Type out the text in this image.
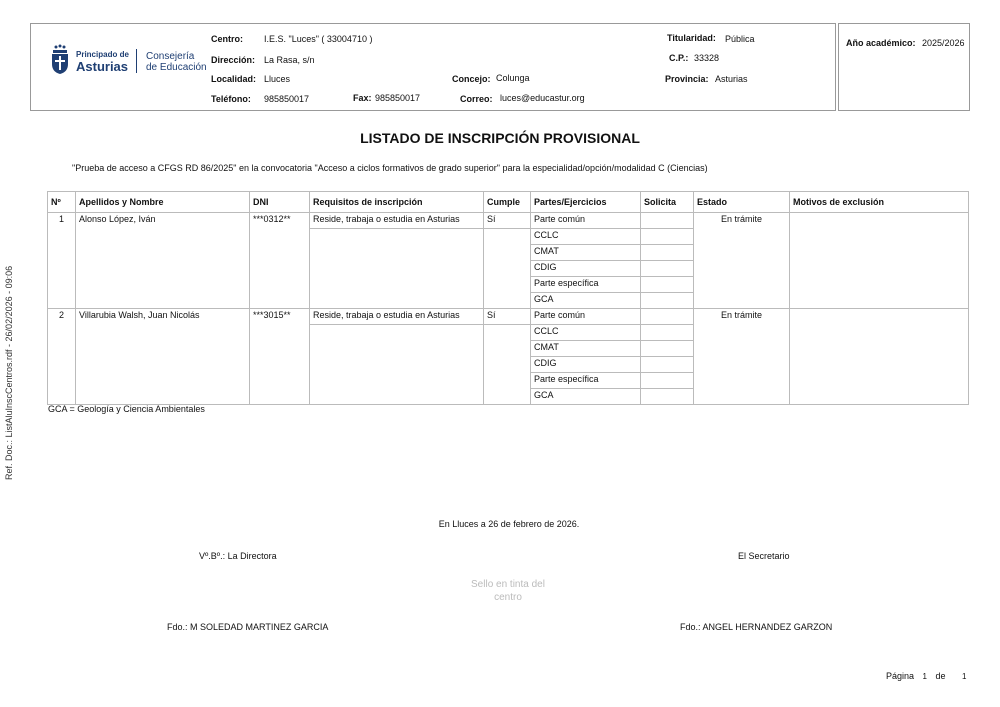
Principado de
Asturias
Consejería
de Educación
Centro: I.E.S. "Luces" ( 33004710 )	Titularidad: Pública
Dirección: La Rasa, s/n	C.P.: 33328
Localidad: Lluces	Concejo: Colunga	Provincia: Asturias
Teléfono: 985850017	Fax: 985850017	Correo: luces@educastur.org
Año académico: 2025/2026
LISTADO DE INSCRIPCIÓN PROVISIONAL
"Prueba de acceso a CFGS RD 86/2025" en la convocatoria "Acceso a ciclos formativos de grado superior" para la especialidad/opción/modalidad C (Ciencias)
Nº	Apellidos y Nombre	DNI	Requisitos de inscripción	Cumple	Partes/Ejercicios	Solicita	Estado	Motivos de exclusión
1	Alonso López, Iván	***0312**	Reside, trabaja o estudia en Asturias	Sí	Parte común		En trámite	
					CCLC			
					CMAT			
					CDIG			
					Parte específica			
					GCA			
2	Villarubia Walsh, Juan Nicolás	***3015**	Reside, trabaja o estudia en Asturias	Sí	Parte común		En trámite	
					CCLC			
					CMAT			
					CDIG			
					Parte específica			
					GCA			
GCA = Geología y Ciencia Ambientales
Ref. Doc.: ListAluInscCentros.rdf - 26/02/2026 - 09:06
En Lluces a 26 de febrero de 2026.
Vº.Bº.: La Directora	El Secretario
Sello en tinta del
centro
Fdo.: M SOLEDAD MARTINEZ GARCIA	Fdo.: ANGEL HERNANDEZ GARZON
Página 1 de 1
